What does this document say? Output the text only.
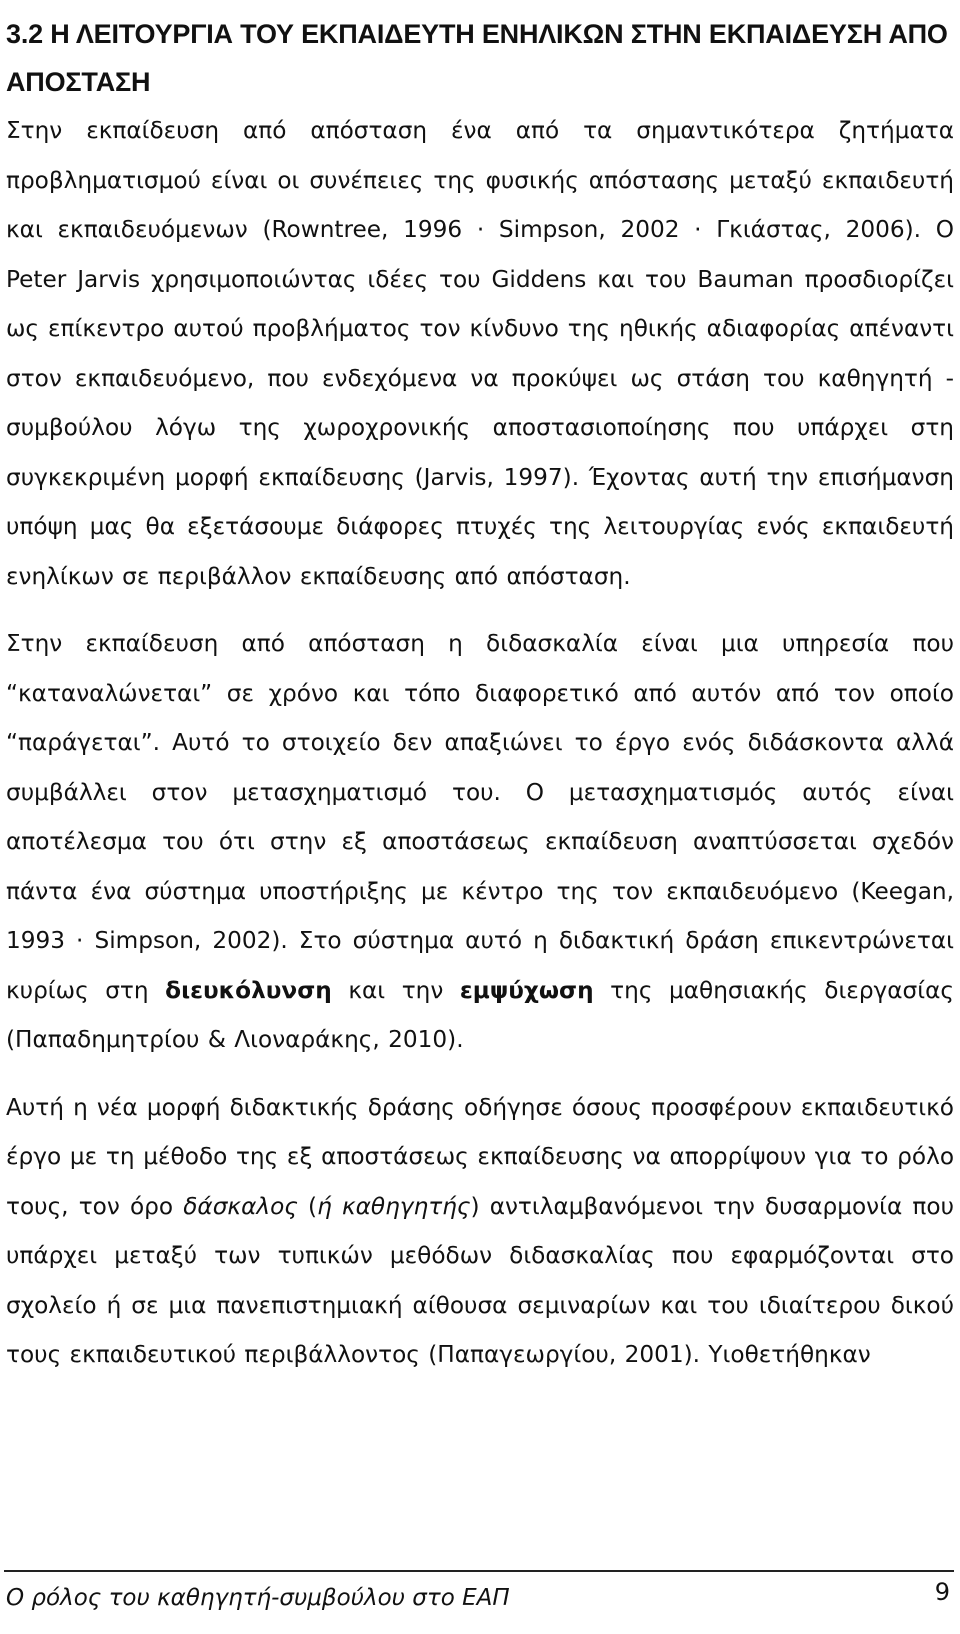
3.2 Η ΛΕΙΤΟΥΡΓΙΑ ΤΟΥ ΕΚΠΑΙΔΕΥΤΗ ΕΝΗΛΙΚΩΝ ΣΤΗΝ ΕΚΠΑΙΔΕΥΣΗ ΑΠΟ ΑΠΟΣΤΑΣΗ

Στην εκπαίδευση από απόσταση ένα από τα σημαντικότερα ζητήματα προβληματισμού είναι οι συνέπειες της φυσικής απόστασης μεταξύ εκπαιδευτή και εκπαιδευόμενων (Rowntree, 1996 · Simpson, 2002 · Γκιάστας, 2006). Ο Peter Jarvis χρησιμοποιώντας ιδέες του Giddens και του Bauman προσδιορίζει ως επίκεντρο αυτού προβλήματος τον κίνδυνο της ηθικής αδιαφορίας απέναντι στον εκπαιδευόμενο, που ενδεχόμενα να προκύψει ως στάση του καθηγητή - συμβούλου λόγω της χωροχρονικής αποστασιοποίησης που υπάρχει στη συγκεκριμένη μορφή εκπαίδευσης (Jarvis, 1997). Έχοντας αυτή την επισήμανση υπόψη μας θα εξετάσουμε διάφορες πτυχές της λειτουργίας ενός εκπαιδευτή ενηλίκων σε περιβάλλον εκπαίδευσης από απόσταση.

Στην εκπαίδευση από απόσταση η διδασκαλία είναι μια υπηρεσία που “καταναλώνεται” σε χρόνο και τόπο διαφορετικό από αυτόν από τον οποίο “παράγεται”. Αυτό το στοιχείο δεν απαξιώνει το έργο ενός διδάσκοντα αλλά συμβάλλει στον μετασχηματισμό του. Ο μετασχηματισμός αυτός είναι αποτέλεσμα του ότι στην εξ αποστάσεως εκπαίδευση αναπτύσσεται σχεδόν πάντα ένα σύστημα υποστήριξης με κέντρο της τον εκπαιδευόμενο (Keegan, 1993 · Simpson, 2002). Στο σύστημα αυτό η διδακτική δράση επικεντρώνεται κυρίως στη διευκόλυνση και την εμψύχωση της μαθησιακής διεργασίας (Παπαδημητρίου & Λιοναράκης, 2010).

Αυτή η νέα μορφή διδακτικής δράσης οδήγησε όσους προσφέρουν εκπαιδευτικό έργο με τη μέθοδο της εξ αποστάσεως εκπαίδευσης να απορρίψουν για το ρόλο τους, τον όρο δάσκαλος (ή καθηγητής) αντιλαμβανόμενοι την δυσαρμονία που υπάρχει μεταξύ των τυπικών μεθόδων διδασκαλίας που εφαρμόζονται στο σχολείο ή σε μια πανεπιστημιακή αίθουσα σεμιναρίων και του ιδιαίτερου δικού τους εκπαιδευτικού περιβάλλοντος (Παπαγεωργίου, 2001). Υιοθετήθηκαν

Ο ρόλος του καθηγητή-συμβούλου στο ΕΑΠ	9
